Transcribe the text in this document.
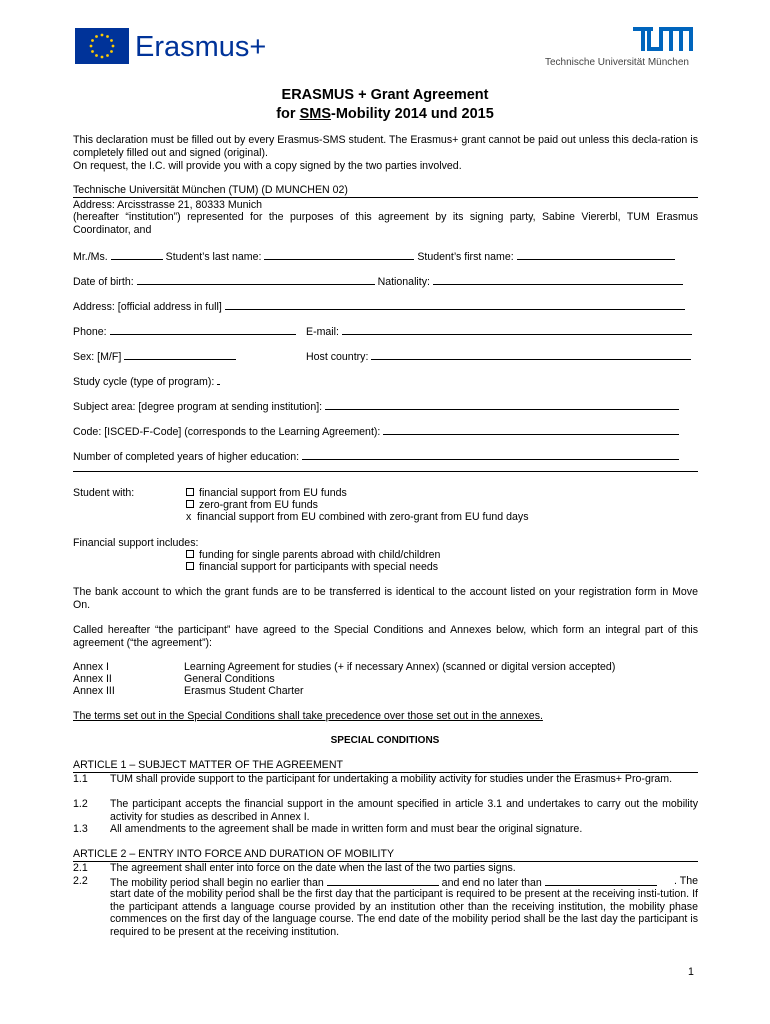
Erasmus+	Technische Universität München
ERASMUS + Grant Agreement
for SMS-Mobility 2014 und 2015
This declaration must be filled out by every Erasmus-SMS student. The Erasmus+ grant cannot be paid out unless this decla-ration is completely filled out and signed (original).
On request, the I.C. will provide you with a copy signed by the two parties involved.
Technische Universität München (TUM) (D MUNCHEN 02)
Address: Arcisstrasse 21, 80333 Munich
(hereafter “institution”) represented for the purposes of this agreement by its signing party, Sabine Viererbl, TUM Erasmus Coordinator, and
Mr./Ms.	Student’s last name:	Student’s first name:
Date of birth:	Nationality:
Address: [official address in full]
Phone:	E-mail:
Sex: [M/F]	Host country:
Study cycle (type of program):
Subject area: [degree program at sending institution]:
Code: [ISCED-F-Code] (corresponds to the Learning Agreement):
Number of completed years of higher education:
Student with:	financial support from EU funds
zero-grant from EU funds
x financial support from EU combined with zero-grant from EU fund days
Financial support includes:
funding for single parents abroad with child/children
financial support for participants with special needs
The bank account to which the grant funds are to be transferred is identical to the account listed on your registration form in Move On.
Called hereafter “the participant” have agreed to the Special Conditions and Annexes below, which form an integral part of this agreement (“the agreement”):
Annex I	Learning Agreement for studies (+ if necessary Annex) (scanned or digital version accepted)
Annex II	General Conditions
Annex III	Erasmus Student Charter
The terms set out in the Special Conditions shall take precedence over those set out in the annexes.
SPECIAL CONDITIONS
ARTICLE 1 – SUBJECT MATTER OF THE AGREEMENT
1.1 TUM shall provide support to the participant for undertaking a mobility activity for studies under the Erasmus+ Pro-gram.
1.2 The participant accepts the financial support in the amount specified in article 3.1 and undertakes to carry out the mobility activity for studies as described in Annex I.
1.3 All amendments to the agreement shall be made in written form and must bear the original signature.
ARTICLE 2 – ENTRY INTO FORCE AND DURATION OF MOBILITY
2.1 The agreement shall enter into force on the date when the last of the two parties signs.
2.2 The mobility period shall begin no earlier than	and end no later than	. The
start date of the mobility period shall be the first day that the participant is required to be present at the receiving insti-tution. If the participant attends a language course provided by an institution other than the receiving institution, the mobility phase commences on the first day of the language course. The end date of the mobility period shall be the last day the participant is required to be present at the receiving institution.
1
